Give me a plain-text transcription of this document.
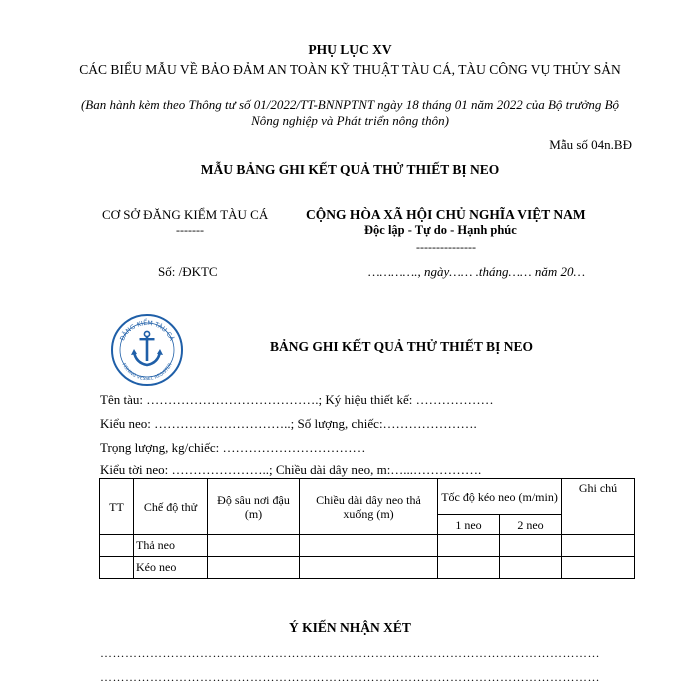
PHỤ LỤC XV
CÁC BIỂU MẪU VỀ BẢO ĐẢM AN TOÀN KỸ THUẬT TÀU CÁ, TÀU CÔNG VỤ THỦY SẢN
(Ban hành kèm theo Thông tư số 01/2022/TT-BNNPTNT ngày 18 tháng 01 năm 2022 của Bộ trưởng Bộ Nông nghiệp và Phát triển nông thôn)
Mẫu số 04n.BĐ
MẪU BẢNG GHI KẾT QUẢ THỬ THIẾT BỊ NEO
CƠ SỞ ĐĂNG KIỂM TÀU CÁ
-------
CỘNG HÒA XÃ HỘI CHỦ NGHĨA VIỆT NAM
Độc lập - Tự do - Hạnh phúc
---------------
Số: /ĐKTC	…………., ngày…… .tháng…… năm 20…
ĐĂNG KIỂM TÀU CÁ
FISHING VESSEL REGISTER
BẢNG GHI KẾT QUẢ THỬ THIẾT BỊ NEO
Tên tàu: ………………………………….; Ký hiệu thiết kế: ………………
Kiểu neo: …………………………..; Số lượng, chiếc:………………….
Trọng lượng, kg/chiếc: ……………………………
Kiểu tời neo: …………………..; Chiều dài dây neo, m:…...…………….
TT	Chế độ thử	Độ sâu nơi đậu (m)	Chiều dài dây neo thả xuống (m)	Tốc độ kéo neo (m/min)		Ghi chú
				1 neo	2 neo	
	Thả neo					
	Kéo neo					
Ý KIẾN NHẬN XÉT
…………………………………………………………………………………………………………
…………………………………………………………………………………………………………
